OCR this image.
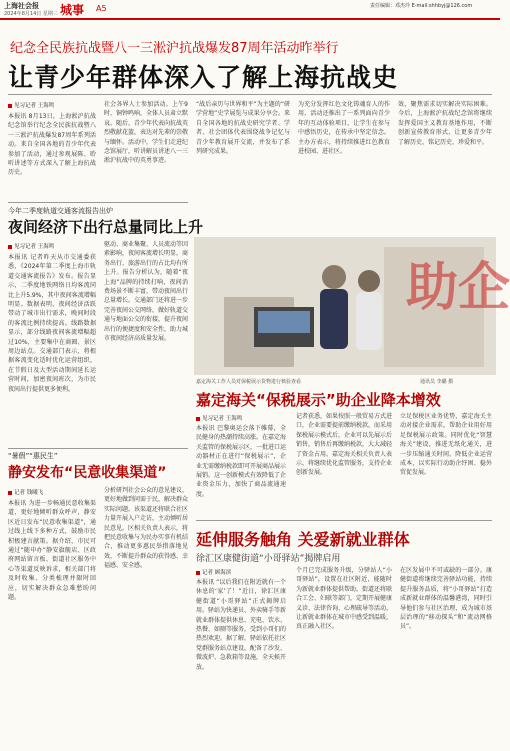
上海社会报
2024年8月14日 星期三 城事 A5	责任编辑：邓杰玲 E-mail:shhbyj@126.com
纪念全民族抗战暨八一三淞沪抗战爆发87周年活动昨举行
让青少年群体深入了解上海抗战史
见习记者 王海鸣
本报讯 8月13日，上海淞沪抗战纪念馆举行纪念全民族抗战暨八一三淞沪抗战爆发87周年系列活动。来自全国各地的青少年代表参加了活动，通过参观展陈、聆听讲述等方式深入了解上海抗战历史。
社会各界人士参加活动。上午9时，铜钟鸣响，全体人员肃立默哀。随后，青少年代表向抗战英烈敬献花篮，表达对先辈的崇敬与缅怀。活动中，学生们走进纪念馆展厅，听讲解员讲述八一三淞沪抗战中的英勇事迹。
“战后亲历与世界和平”为主题的“研学营地”史学展览与成果分享会。来自全国各地的抗战史研究学者、学者、社会团体代表围绕战争记忆与青少年教育展开交流，并发布了系列研究成果。
为充分发挥红色文化铸魂育人的作用，活动还推出了一系列面向青少年的互动体验项目，让学生在参与中感悟历史，在传承中坚定信念。主办方表示，将持续推进红色教育进校园、进社区。
效，聚焦需求切实解决实际困难。今后，上海淞沪抗战纪念馆将继续发挥爱国主义教育基地作用，不断创新宣传教育形式，让更多青少年了解历史、铭记历史、珍爱和平。
今年二季度轨道交通客流报告出炉
夜间经济下出行总量同比上升
见习记者 王海鸣
本报讯 记者昨天从市交通委获悉，《2024年第二季度上海市轨道交通客流报告》发布。报告显示，二季度地铁网络日均客流同比上升5.9%，其中夜间客流增幅明显。数据表明，夜间经济活跃带动了城市出行需求，晚间时段的客流比例持续提高。线路数据显示，部分线路夜间客流增幅超过10%，主要集中在商圈、景区周边站点。交通部门表示，将根据客流变化适时优化运营组织，在节假日及大型活动期间延长运营时间，加密夜间班次，为市民夜间出行提供更多便利。
驱动、商业集聚、人员流动等因素影响，夜间客流增长明显，商务出行、旅游出行的占比均有所上升。报告分析认为，随着“夜上海”品牌的持续打响，夜间消费场景不断丰富，带动夜间出行总量增长。交通部门还将进一步完善夜间公交网络，做好轨道交通与地面公交的衔接，提升夜间出行的便捷度和安全性，助力城市夜间经济高质量发展。
助企
嘉定海关工作人员对保税展示货物进行核验查看	通讯员 李璐 摄
嘉定海关“保税展示”助企业降本增效
见习记者 王海鸣
本报讯 巴黎奥运会落下帷幕，全民健身的热潮持续高涨。在嘉定海关监管的保税展示区，一批进口运动器材正在进行“保税展示”，企业无需缴纳税款即可开展商品展示展销。这一创新模式有效降低了企业资金压力，加快了商品流通速度。
记者获悉，如果按照一般贸易方式进口，企业需要提前缴纳税款，而采用保税展示模式后，企业可以先展示后销售，销售后再缴纳税款，大大减轻了资金占用。嘉定海关相关负责人表示，将继续优化监管服务，支持企业创新发展。
立足保税区业务优势，嘉定海关主动对接企业需求，帮助企业用好用足保税展示政策。同时优化“智慧海关”建设，推进无纸化通关，进一步压缩通关时间，降低企业运营成本，以实际行动助企纾困、稳外贸促发展。
“暑假”“惠民生”
静安发布“民意收集渠道”
记者 钱曦飞
本报讯 为进一步畅通民意收集渠道，更好地倾听群众呼声，静安区近日发布“民意收集渠道”，通过线上线下多种方式，鼓励市民积极建言献策。据介绍，市民可通过“随申办”静安旗舰店、区政府网站留言板、街道社区服务中心等渠道反映诉求，相关部门将及时收集、分类梳理并限时回应，切实解决群众急难愁盼问题。
分析研判社会公众的意见建议，更好地做到问需于民，解决群众实际问题。该渠道还将联合社区力量开展入户走访，主动倾听居民意见。区相关负责人表示，将把民意收集与为民办实事有机结合，推动更多惠民举措落地见效，不断提升群众的获得感、幸福感、安全感。
延伸服务触角 关爱新就业群体
徐汇区康健街道“小哥驿站”揭牌启用
记者 顾海滨
本报讯 “以后我们在附近就有一个休息的‘家’了！”近日，徐汇区康健街道“小哥驿站”正式揭牌启用。驿站为快递员、外卖骑手等新就业群体提供休息、充电、饮水、热餐、如厕等服务，受到小哥们的热烈欢迎。据了解，驿站依托社区党群服务站点建设，配备了沙发、微波炉、急救箱等设施，全天候开放。
个月已完成服务升级，分驿站人“小哥驿站”，设置在社区附近，能随时为新就业群体提供帮助。街道还将联合工会、妇联等部门，定期开展健康义诊、法律咨询、心理疏导等活动，让新就业群体在城市中感受到温暖，真正融入社区。
在区发展中不可或缺的一部分。康健街道将继续完善驿站功能，持续提升服务品质，将“小哥驿站”打造成新就业群体的温馨港湾，同时引导他们参与社区治理，成为城市基层治理的“移动探头”和“流动网格员”。
